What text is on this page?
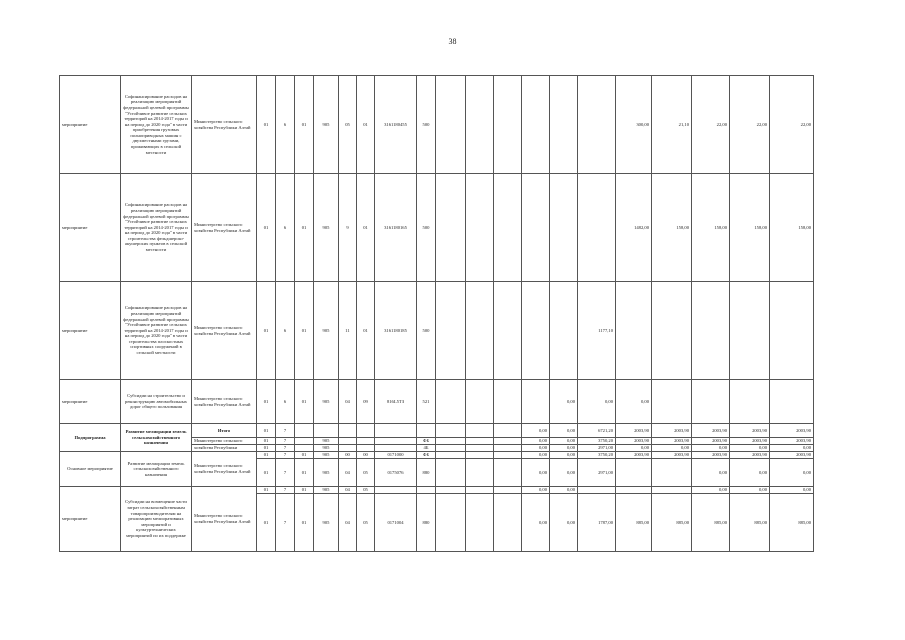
38
мероприятие	Софинансирование расходов на реализацию мероприятий федеральной целевой программы "Устойчивое развитие сельских территорий на 2014-2017 годы и на период до 2020 года" в части приобретения грузовых полноприводных машин с двухместными грузами, проживающих в сельской местности	Министерство сельского хозяйства Республики Алтай	01	6	01	905	05	01	3161180455	500							300,00	21,10	22,00	22,00	22,00
мероприятие	Софинансирование расходов на реализацию мероприятий федеральной целевой программы "Устойчивое развитие сельских территорий на 2014-2017 годы и на период до 2020 года" в части строительства фельдшерско-акушерских пунктов в сельской местности	Министерство сельского хозяйства Республики Алтай	01	6	01	905	9	01	3161180165	500							1482,00	158,00	158,00	158,00	158,00
мероприятие	Софинансирование расходов на реализацию мероприятий федеральной целевой программы "Устойчивое развитие сельских территорий на 2014-2017 годы и на период до 2020 года" в части строительства плоскостных спортивных сооружений в сельской местности	Министерство сельского хозяйства Республики Алтай	01	6	01	905	11	01	3161180185	500						1177,10					
мероприятие	Субсидии на строительство и реконструкцию автомобильных дорог общего пользования	Министерство сельского хозяйства Республики Алтай	01	6	01	905	04	09	816L5ТЗ	521					0,00	0,00	0,00				
Подпрограмма	Развитие мелиорации земель сельскохозяйственного назначения	Итого	01	7										0,00	0,00	6721,20	2003,90	2003,90	2003,90	2003,90	2003,90
		Министерство сельского	01	7		905				ФБ				0,00	0,00	3750,20	2003,90	2003,90	2003,90	2003,90	2003,90
		хозяйства Республики	01	7		905				4Б				0,00	0,00	2971,00	0,00	0,00	0,00	0,00	0,00
Основное мероприятие	Развитие мелиорации земель сельскохозяйственного назначения	Министерство сельского хозяйства Республики Алтай	01	7	01	905	00	00	0171000	ФБ				0,00	0,00	3750,20	2003,90	2003,90	2003,90	2003,90	2003,90
			01	7	01	905	04	05	0175076	880				0,00	0,00	2971,00			0,00	0,00	0,00
мероприятие	Субсидии на возмещение части затрат сельскохозяйственным товаропроизводителям на реализацию мелиоративных мероприятий и культуртехнических мероприятий по их поддержке	Министерство сельского хозяйства Республики Алтай	01	7	01	905	04	05						0,00	0,00				0,00	0,00	0,00
			01	7	01	905	04	05	0171004	880				0,00	0,00	1787,00	885,00	885,00	885,00	885,00	885,00
